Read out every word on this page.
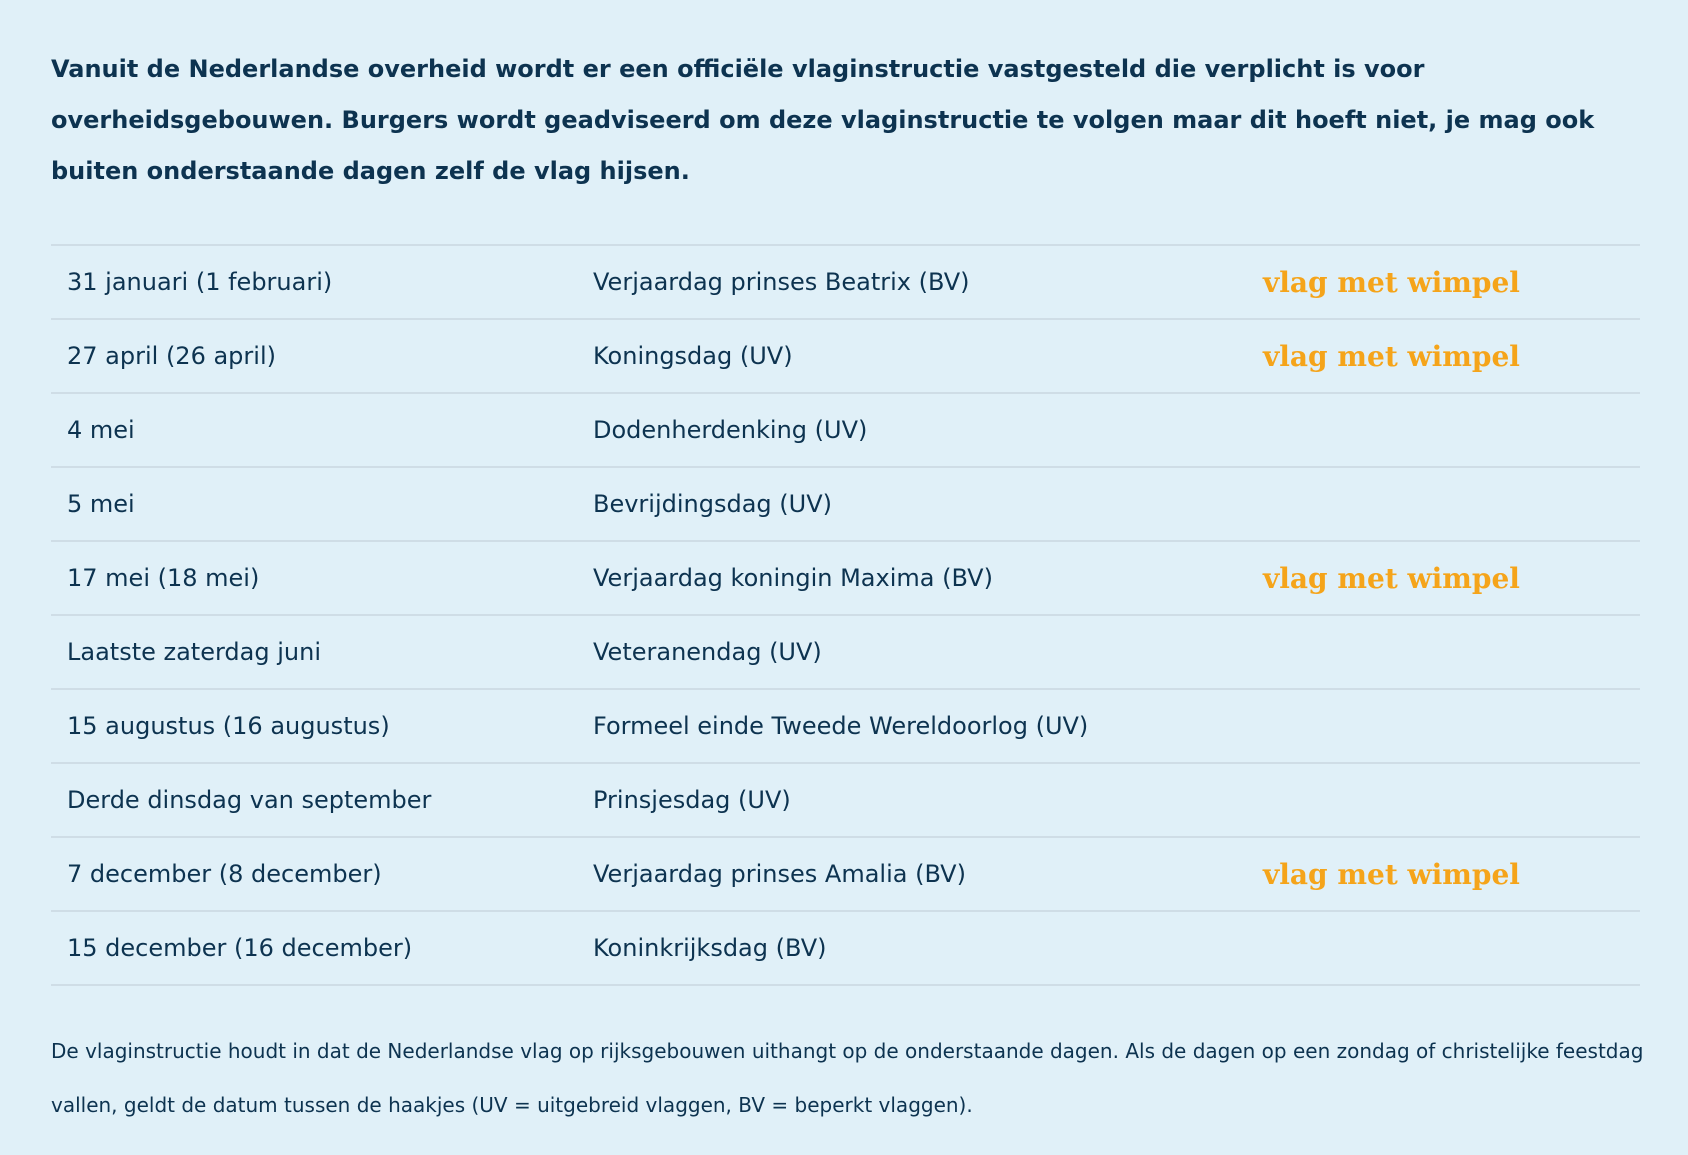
Vanuit de Nederlandse overheid wordt er een officiële vlaginstructie vastgesteld die verplicht is voor overheidsgebouwen. Burgers wordt geadviseerd om deze vlaginstructie te volgen maar dit hoeft niet, je mag ook buiten onderstaande dagen zelf de vlag hijsen.

31 januari (1 februari)	Verjaardag prinses Beatrix (BV)	vlag met wimpel
27 april (26 april)	Koningsdag (UV)	vlag met wimpel
4 mei	Dodenherdenking (UV)	
5 mei	Bevrijdingsdag (UV)	
17 mei (18 mei)	Verjaardag koningin Maxima (BV)	vlag met wimpel
Laatste zaterdag juni	Veteranendag (UV)	
15 augustus (16 augustus)	Formeel einde Tweede Wereldoorlog (UV)	
Derde dinsdag van september	Prinsjesdag (UV)	
7 december (8 december)	Verjaardag prinses Amalia (BV)	vlag met wimpel
15 december (16 december)	Koninkrijksdag (BV)	

De vlaginstructie houdt in dat de Nederlandse vlag op rijksgebouwen uithangt op de onderstaande dagen. Als de dagen op een zondag of christelijke feestdag vallen, geldt de datum tussen de haakjes (UV = uitgebreid vlaggen, BV = beperkt vlaggen).
